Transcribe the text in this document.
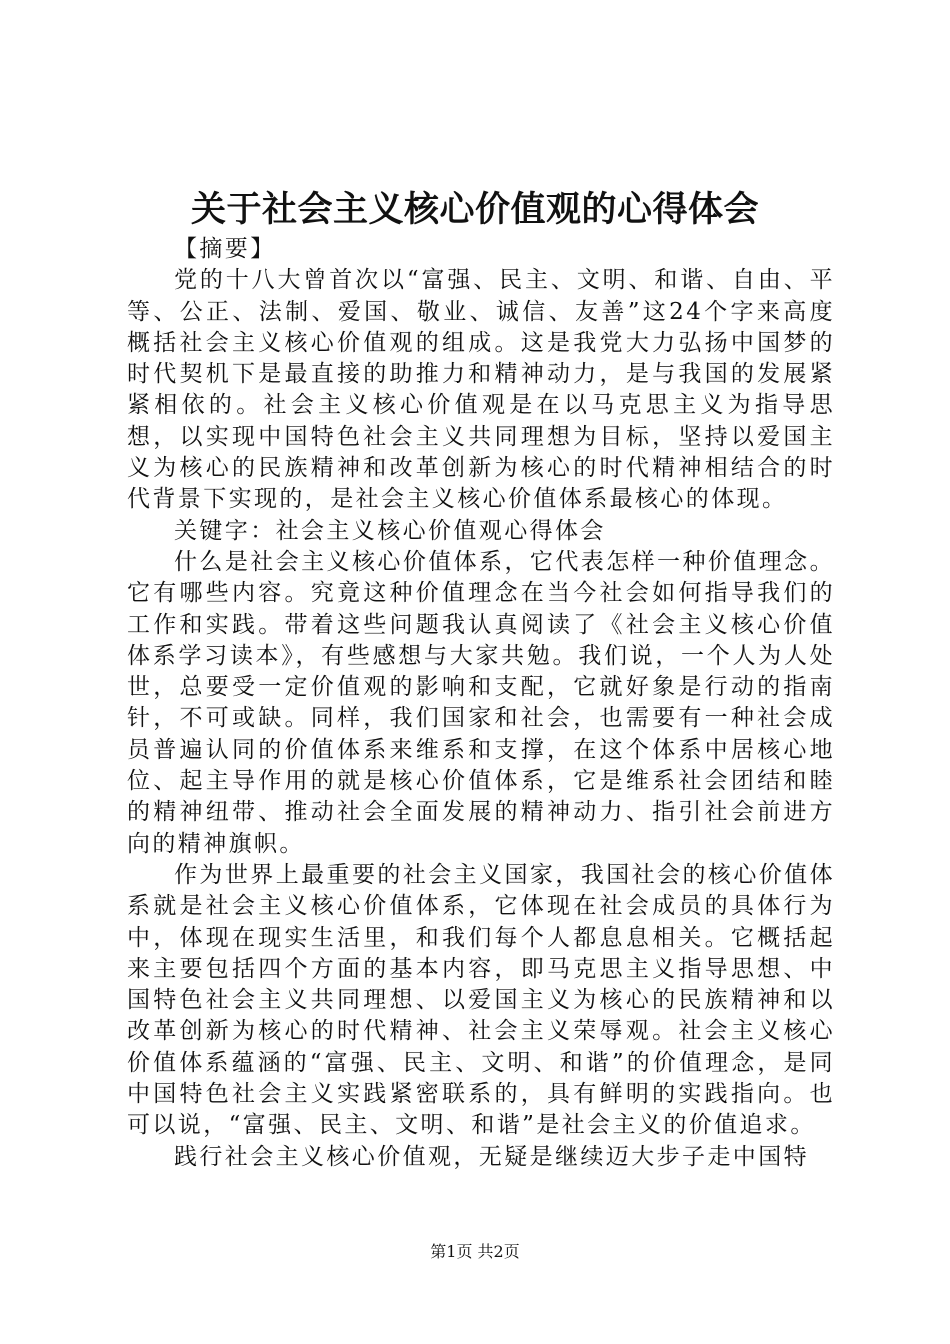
关于社会主义核心价值观的心得体会

【摘要】

党的十八大曾首次以“富强、民主、文明、和谐、自由、平等、公正、法制、爱国、敬业、诚信、友善”这24个字来高度概括社会主义核心价值观的组成。这是我党大力弘扬中国梦的时代契机下是最直接的助推力和精神动力，是与我国的发展紧紧相依的。社会主义核心价值观是在以马克思主义为指导思想，以实现中国特色社会主义共同理想为目标，坚持以爱国主义为核心的民族精神和改革创新为核心的时代精神相结合的时代背景下实现的，是社会主义核心价值体系最核心的体现。

关键字：社会主义核心价值观心得体会

什么是社会主义核心价值体系，它代表怎样一种价值理念。它有哪些内容。究竟这种价值理念在当今社会如何指导我们的工作和实践。带着这些问题我认真阅读了《社会主义核心价值体系学习读本》，有些感想与大家共勉。我们说，一个人为人处世，总要受一定价值观的影响和支配，它就好象是行动的指南针，不可或缺。同样，我们国家和社会，也需要有一种社会成员普遍认同的价值体系来维系和支撑，在这个体系中居核心地位、起主导作用的就是核心价值体系，它是维系社会团结和睦的精神纽带、推动社会全面发展的精神动力、指引社会前进方向的精神旗帜。

作为世界上最重要的社会主义国家，我国社会的核心价值体系就是社会主义核心价值体系，它体现在社会成员的具体行为中，体现在现实生活里，和我们每个人都息息相关。它概括起来主要包括四个方面的基本内容，即马克思主义指导思想、中国特色社会主义共同理想、以爱国主义为核心的民族精神和以改革创新为核心的时代精神、社会主义荣辱观。社会主义核心价值体系蕴涵的“富强、民主、文明、和谐”的价值理念，是同中国特色社会主义实践紧密联系的，具有鲜明的实践指向。也可以说，“富强、民主、文明、和谐”是社会主义的价值追求。

践行社会主义核心价值观，无疑是继续迈大步子走中国特

第1页 共2页
